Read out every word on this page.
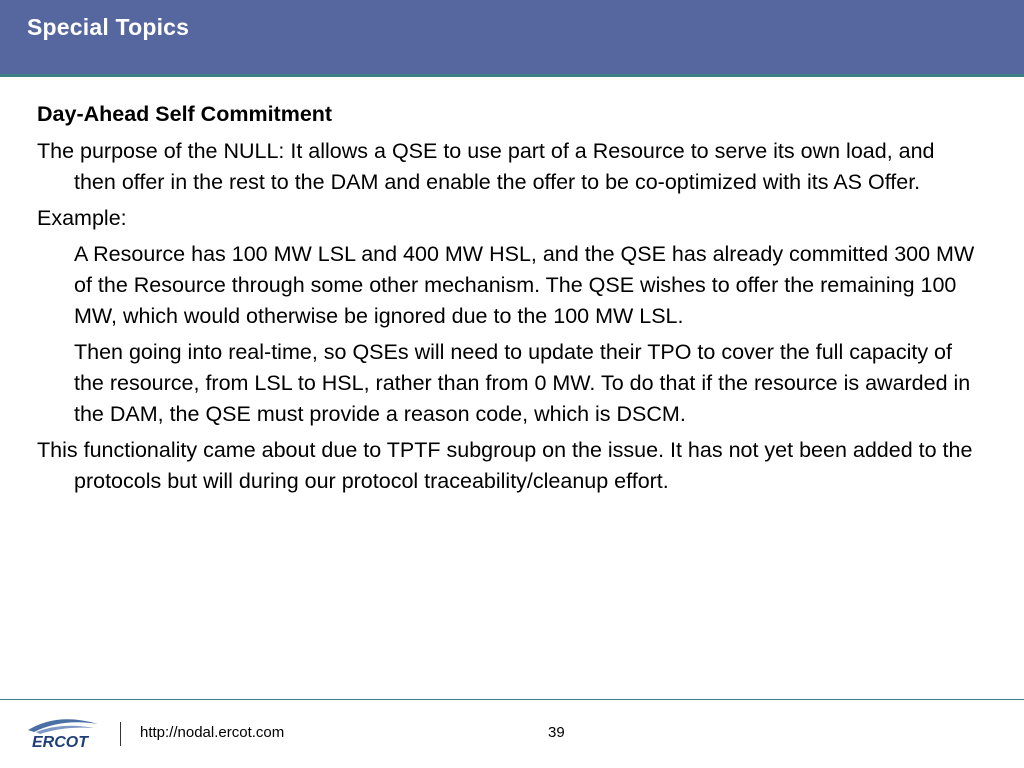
Special Topics

Day-Ahead Self Commitment

The purpose of the NULL: It allows a QSE to use part of a Resource to serve its own load, and then offer in the rest to the DAM and enable the offer to be co-optimized with its AS Offer.

Example:

A Resource has 100 MW LSL and 400 MW HSL, and the QSE has already committed 300 MW of the Resource through some other mechanism. The QSE wishes to offer the remaining 100 MW, which would otherwise be ignored due to the 100 MW LSL.

Then going into real-time, so QSEs will need to update their TPO to cover the full capacity of the resource, from LSL to HSL, rather than from 0 MW. To do that if the resource is awarded in the DAM, the QSE must provide a reason code, which is DSCM.

This functionality came about due to TPTF subgroup on the issue. It has not yet been added to the protocols but will during our protocol traceability/cleanup effort.

ERCOT
http://nodal.ercot.com	39
